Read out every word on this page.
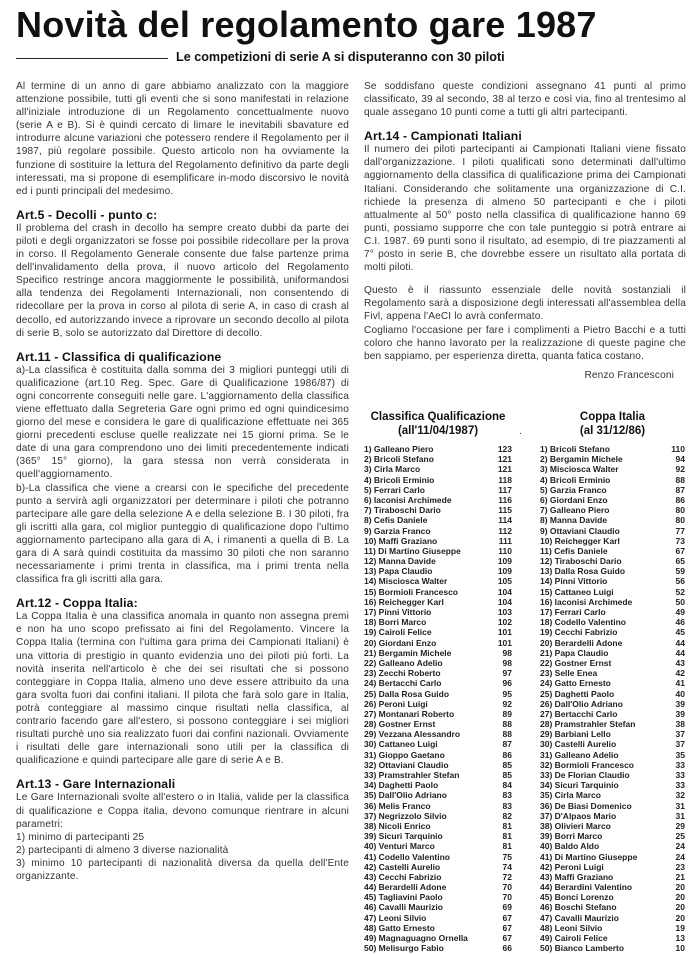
Novità del regolamento gare 1987
Le competizioni di serie A si disputeranno con 30 piloti

Al termine di un anno di gare abbiamo analizzato con la maggiore attenzione possibile, tutti gli eventi che si sono manifestati in relazione all'iniziale introduzione di un Regolamento concettualmente nuovo (serie A e B). Si è quindi cercato di limare le inevitabili sbavature ed introdurre alcune variazioni che potessero rendere il Regolamento per il 1987, più regolare possibile. Questo articolo non ha ovviamente la funzione di sostituire la lettura del Regolamento definitivo da parte degli interessati, ma si propone di esemplificare in-modo discorsivo le novità ed i punti principali del medesimo.

Art.5 - Decolli - punto c:

Il problema del crash in decollo ha sempre creato dubbi da parte dei piloti e degli organizzatori se fosse poi possibile ridecollare per la prova in corso. Il Regolamento Generale consente due false partenze prima dell'invalidamento della prova, il nuovo articolo del Regolamento Specifico restringe ancora maggiormente le possibilità, uniformandosi alla tendenza dei Regolamenti Internazionali, non consentendo di ridecollare per la prova in corso al pilota di serie A, in caso di crash al decollo, ed autorizzando invece a riprovare un secondo decollo al pilota di serie B, solo se autorizzato dal Direttore di decollo.

Art.11 - Classifica di qualificazione

a)-La classifica è costituita dalla somma dei 3 migliori punteggi utili di qualificazione (art.10 Reg. Spec. Gare di Qualificazione 1986/87) di ogni concorrente conseguiti nelle gare. L'aggiornamento della classifica viene effettuato dalla Segreteria Gare ogni primo ed ogni quindicesimo giorno del mese e considera le gare di qualificazione effettuate nei 365 giorni precedenti escluse quelle realizzate nei 15 giorni prima. Se le date di una gara comprendono uno dei limiti precedentemente indicati (365° 15° giorno), la gara stessa non verrà considerata in quell'aggiornamento.

b)-La classifica che viene a crearsi con le specifiche del precedente punto a servirà agli organizzatori per determinare i piloti che potranno partecipare alle gare della selezione A e della selezione B. I 30 piloti, fra gli iscritti alla gara, col miglior punteggio di qualificazione dopo l'ultimo aggiornamento partecipano alla gara di A, i rimanenti a quella di B. La gara di A sarà quindi costituita da massimo 30 piloti che non saranno necessariamente i primi trenta in classifica, ma i primi trenta nella classifica fra gli iscritti alla gara.

Art.12 - Coppa Italia:

La Coppa Italia è una classifica anomala in quanto non assegna premi e non ha uno scopo prefissato ai fini del Regolamento. Vincere la Coppa Italia (termina con l'ultima gara prima dei Campionati Italiani) è una vittoria di prestigio in quanto evidenzia uno dei piloti più forti. La novità inserita nell'articolo è che dei sei risultati che si possono conteggiare in Coppa Italia, almeno uno deve essere attribuito da una gara svolta fuori dai confini italiani. Il pilota che farà solo gare in Italia, potrà conteggiare al massimo cinque risultati nella classifica, al contrario facendo gare all'estero, si possono conteggiare i sei migliori risultati purchè uno sia realizzato fuori dai confini nazionali. Ovviamente i risultati delle gare internazionali sono utili per la classifica di qualificazione e quindi partecipare alle gare di serie A e B.

Art.13 - Gare Internazionali

Le Gare Internazionali svolte all'estero o in Italia, valide per la classifica di qualificazione e Coppa italia, devono comunque rientrare in alcuni parametri:

1) minimo di partecipanti 25

2) partecipanti di almeno 3 diverse nazionalità

3) minimo 10 partecipanti di nazionalità diversa da quella dell'Ente organizzante.

Se soddisfano queste condizioni assegnano 41 punti al primo classificato, 39 al secondo, 38 al terzo e così via, fino al trentesimo al quale assegano 10 punti come a tutti gli altri partecipanti.

Art.14 - Campionati Italiani

Il numero dei piloti partecipanti ai Campionati Italiani viene fissato dall'organizzazione. I piloti qualificati sono determinati dall'ultimo aggiornamento della classifica di qualificazione prima dei Campionati Italiani. Considerando che solitamente una organizzazione di C.I. richiede la presenza di almeno 50 partecipanti e che i piloti attualmente al 50° posto nella classifica di qualificazione hanno 69 punti, possiamo supporre che con tale punteggio si potrà entrare ai C.I. 1987. 69 punti sono il risultato, ad esempio, di tre piazzamenti al 7° posto in serie B, che dovrebbe essere un risultato alla portata di molti piloti.

Questo è il riassunto essenziale delle novità sostanziali il Regolamento sarà a disposizione degli interessati all'assemblea della Fivl, appena l'AeCI lo avrà confermato.

Cogliamo l'occasione per fare i complimenti a Pietro Bacchi e a tutti coloro che hanno lavorato per la realizzazione di queste pagine che ben sappiamo, per esperienza diretta, quanta fatica costano.

Renzo Francesconi

Classifica Qualificazione
(all'11/04/1987)
1) Galleano Piero	123
2) Bricoli Stefano	121
3) Cirla Marco	121
4) Bricoli Erminio	118
5) Ferrari Carlo	117
6) Iaconisi Archimede	116
7) Tiraboschi Dario	115
8) Cefis Daniele	114
9) Garzia Franco	112
10) Maffi Graziano	111
11) Di Martino Giuseppe	110
12) Manna Davide	109
13) Papa Claudio	109
14) Misciosca Walter	105
15) Bormioli Francesco	104
16) Reichegger Karl	104
17) Pinni Vittorio	103
18) Borri Marco	102
19) Cairoli Felice	101
20) Giordani Enzo	101
21) Bergamin Michele	98
22) Galleano Adelio	98
23) Zecchi Roberto	97
24) Bertacchi Carlo	96
25) Dalla Rosa Guido	95
26) Peroni Luigi	92
27) Montanari Roberto	89
28) Gostner Ernst	88
29) Vezzana Alessandro	88
30) Cattaneo Luigi	87
31) Gioppo Gaetano	86
32) Ottaviani Claudio	85
33) Pramstrahler Stefan	85
34) Daghetti Paolo	84
35) Dall'Olio Adriano	83
36) Melis Franco	83
37) Negrizzolo Silvio	82
38) Nicoli Enrico	81
39) Sicuri Tarquinio	81
40) Venturi Marco	81
41) Codello Valentino	75
42) Castelli Aurelio	74
43) Cecchi Fabrizio	72
44) Berardelli Adone	70
45) Tagliavini Paolo	70
46) Cavalli Maurizio	69
47) Leoni Silvio	67
48) Gatto Ernesto	67
49) Magnaguagno Ornella	67
50) Melisurgo Fabio	66
.
Coppa Italia
(al 31/12/86)
1) Bricoli Stefano	110
2) Bergamin Michele	94
3) Misciosca Walter	92
4) Bricoli Erminio	88
5) Garzia Franco	87
6) Giordani Enzo	86
7) Galleano Piero	80
8) Manna Davide	80
9) Ottaviani Claudio	77
10) Reichegger Karl	73
11) Cefis Daniele	67
12) Tiraboschi Dario	65
13) Dalla Rosa Guido	59
14) Pinni Vittorio	56
15) Cattaneo Luigi	52
16) Iaconisi Archimede	50
17) Ferrari Carlo	49
18) Codello Valentino	46
19) Cecchi Fabrizio	45
20) Berardelli Adone	44
21) Papa Claudio	44
22) Gostner Ernst	43
23) Selle Enea	42
24) Gatto Ernesto	41
25) Daghetti Paolo	40
26) Dall'Olio Adriano	39
27) Bertacchi Carlo	39
28) Pramstrahler Stefan	38
29) Barbiani Lello	37
30) Castelli Aurelio	37
31) Galleano Adelio	35
32) Bormioli Francesco	33
33) De Florian Claudio	33
34) Sicuri Tarquinio	33
35) Cirla Marco	32
36) De Biasi Domenico	31
37) D'Alpaos Mario	31
38) Olivieri Marco	29
39) Borri Marco	25
40) Baldo Aldo	24
41) Di Martino Giuseppe	24
42) Peroni Luigi	23
43) Maffi Graziano	21
44) Berardini Valentino	20
45) Bonci Lorenzo	20
46) Boschi Stefano	20
47) Cavalli Maurizio	20
48) Leoni Silvio	19
49) Cairoli Felice	13
50) Bianco Lamberto	10
